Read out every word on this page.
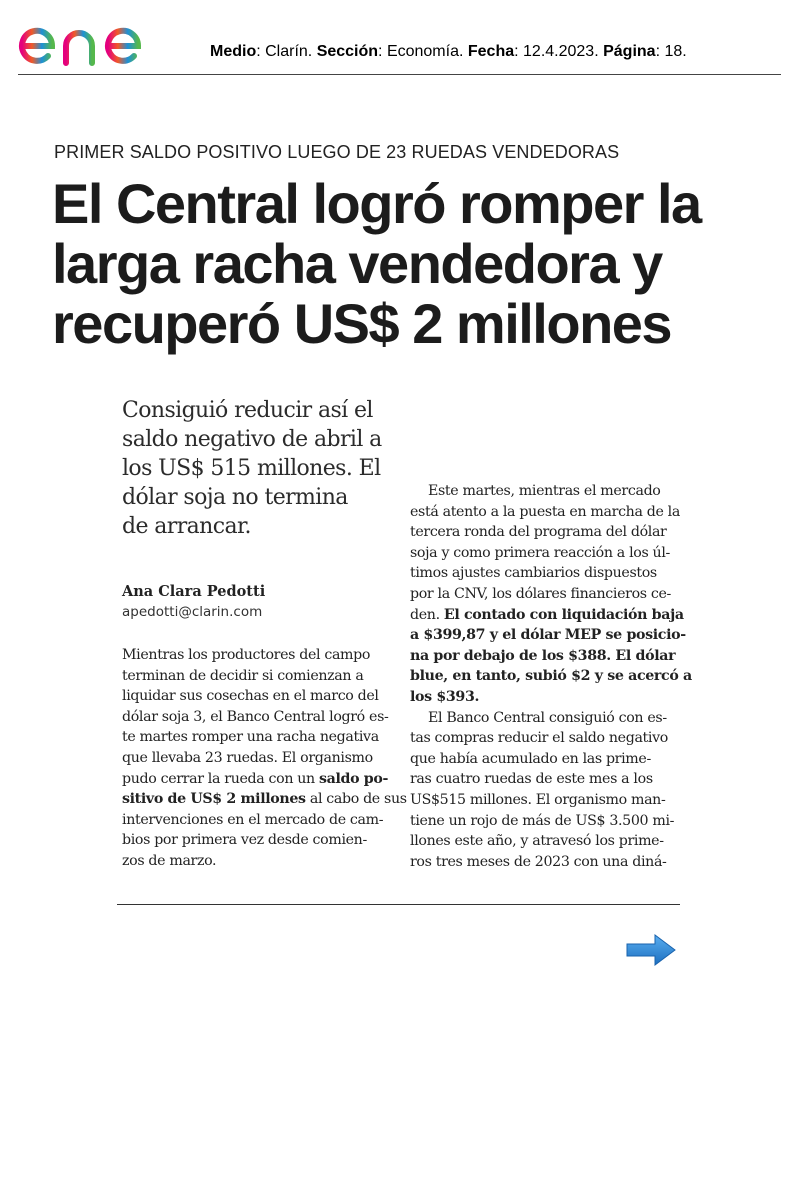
Medio: Clarín. Sección: Economía. Fecha: 12.4.2023. Página: 18.
PRIMER SALDO POSITIVO LUEGO DE 23 RUEDAS VENDEDORAS
El Central logró romper la
larga racha vendedora y
recuperó US$ 2 millones

Consiguió reducir así el
saldo negativo de abril a
los US$ 515 millones. El
dólar soja no termina
de arrancar.

Ana Clara Pedotti
apedotti@clarin.com
Mientras los productores del campo
terminan de decidir si comienzan a
liquidar sus cosechas en el marco del
dólar soja 3, el Banco Central logró es-
te martes romper una racha negativa
que llevaba 23 ruedas. El organismo
pudo cerrar la rueda con un saldo po-
sitivo de US$ 2 millones al cabo de sus
intervenciones en el mercado de cam-
bios por primera vez desde comien-
zos de marzo.
Este martes, mientras el mercado
está atento a la puesta en marcha de la
tercera ronda del programa del dólar
soja y como primera reacción a los úl-
timos ajustes cambiarios dispuestos
por la CNV, los dólares financieros ce-
den. El contado con liquidación baja
a $399,87 y el dólar MEP se posicio-
na por debajo de los $388. El dólar
blue, en tanto, subió $2 y se acercó a
los $393.
El Banco Central consiguió con es-
tas compras reducir el saldo negativo
que había acumulado en las prime-
ras cuatro ruedas de este mes a los
US$515 millones. El organismo man-
tiene un rojo de más de US$ 3.500 mi-
llones este año, y atravesó los prime-
ros tres meses de 2023 con una diná-
